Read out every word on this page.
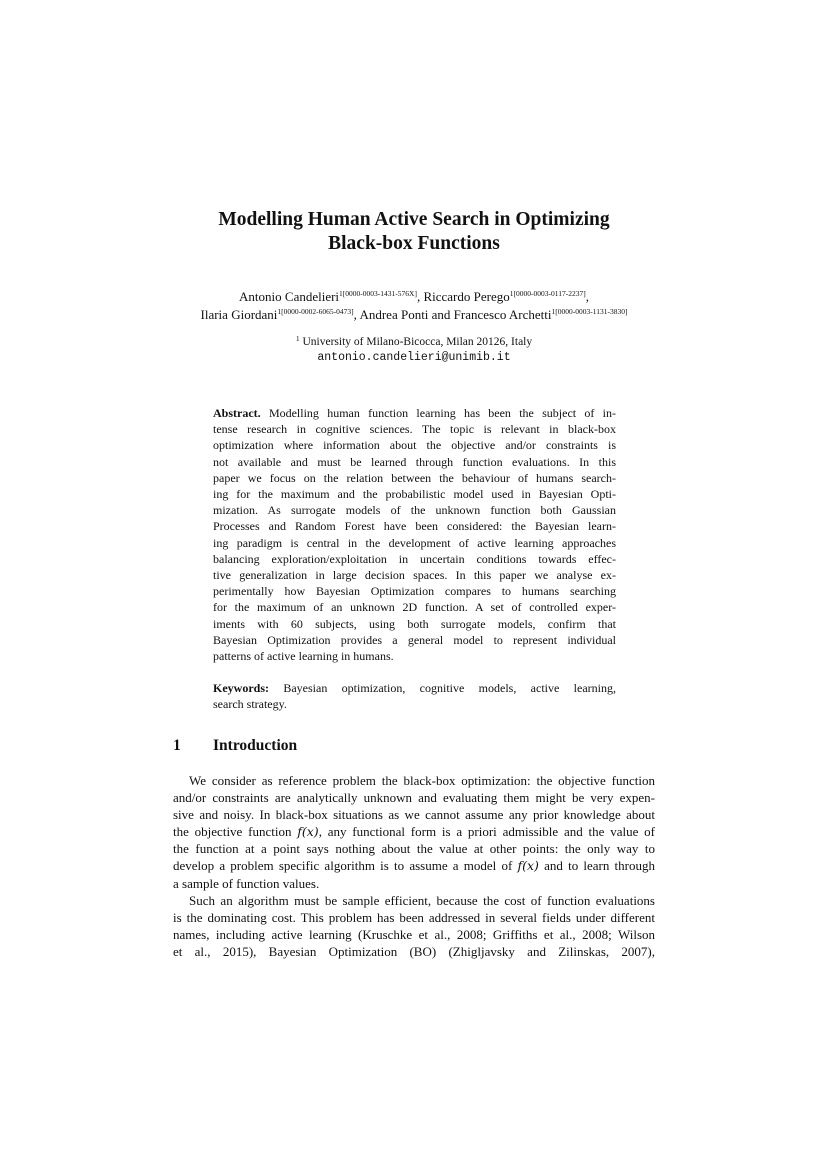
Modelling Human Active Search in Optimizing
Black-box Functions
Antonio Candelieri$^{1[0000-0003-1431-576X]}$, Riccardo Perego$^{1[0000-0003-0117-2237]}$,
Ilaria Giordani$^{1[0000-0002-6065-0473]}$, Andrea Ponti and Francesco Archetti$^{1[0000-0003-1131-3830]}$
$^1$ University of Milano-Bicocca, Milan 20126, Italy
antonio.candelieri@unimib.it
Abstract. Modelling human function learning has been the subject of in-
tense research in cognitive sciences. The topic is relevant in black-box
optimization where information about the objective and/or constraints is
not available and must be learned through function evaluations. In this
paper we focus on the relation between the behaviour of humans search-
ing for the maximum and the probabilistic model used in Bayesian Opti-
mization. As surrogate models of the unknown function both Gaussian
Processes and Random Forest have been considered: the Bayesian learn-
ing paradigm is central in the development of active learning approaches
balancing exploration/exploitation in uncertain conditions towards effec-
tive generalization in large decision spaces. In this paper we analyse ex-
perimentally how Bayesian Optimization compares to humans searching
for the maximum of an unknown 2D function. A set of controlled exper-
iments with 60 subjects, using both surrogate models, confirm that
Bayesian Optimization provides a general model to represent individual
patterns of active learning in humans.
Keywords: Bayesian optimization, cognitive models, active learning,
search strategy.
1 Introduction
We consider as reference problem the black-box optimization: the objective function
and/or constraints are analytically unknown and evaluating them might be very expen-
sive and noisy. In black-box situations as we cannot assume any prior knowledge about
the objective function f(x), any functional form is a priori admissible and the value of
the function at a point says nothing about the value at other points: the only way to
develop a problem specific algorithm is to assume a model of f(x) and to learn through
a sample of function values.
Such an algorithm must be sample efficient, because the cost of function evaluations
is the dominating cost. This problem has been addressed in several fields under different
names, including active learning (Kruschke et al., 2008; Griffiths et al., 2008; Wilson
et al., 2015), Bayesian Optimization (BO) (Zhigljavsky and Zilinskas, 2007),
